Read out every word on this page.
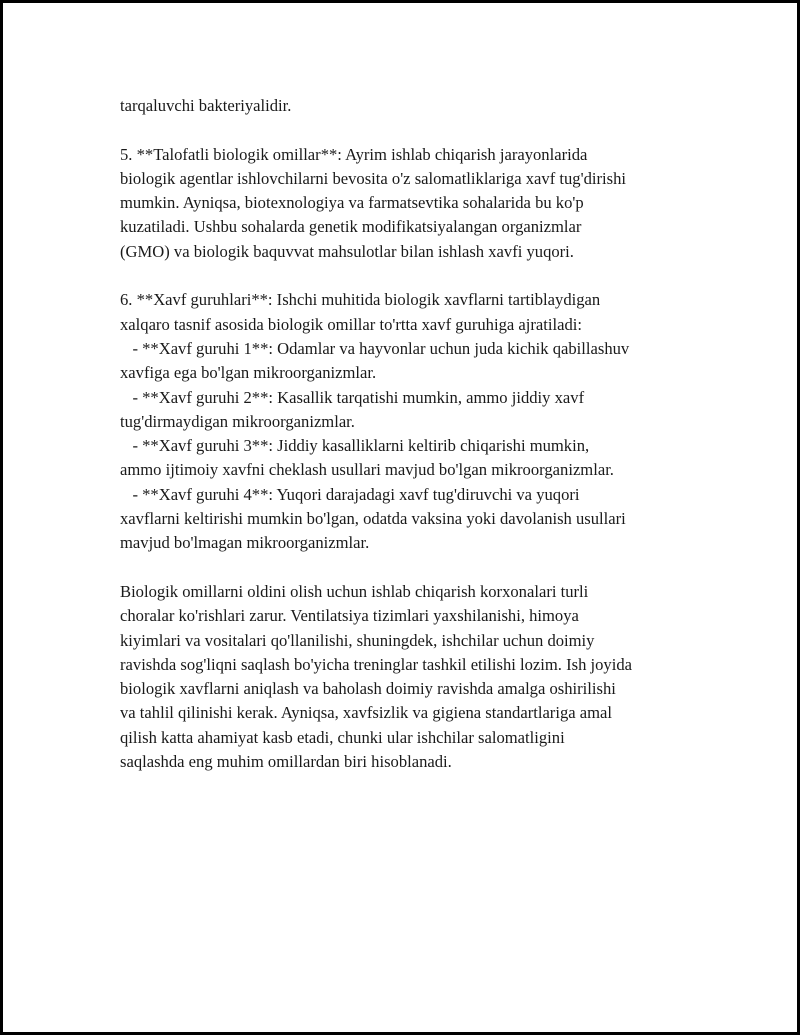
tarqaluvchi bakteriyalidir.
5. **Talofatli biologik omillar**: Ayrim ishlab chiqarish jarayonlarida
biologik agentlar ishlovchilarni bevosita o'z salomatliklariga xavf tug'dirishi
mumkin. Ayniqsa, biotexnologiya va farmatsevtika sohalarida bu ko'p
kuzatiladi. Ushbu sohalarda genetik modifikatsiyalangan organizmlar
(GMO) va biologik baquvvat mahsulotlar bilan ishlash xavfi yuqori.
6. **Xavf guruhlari**: Ishchi muhitida biologik xavflarni tartiblaydigan
xalqaro tasnif asosida biologik omillar to'rtta xavf guruhiga ajratiladi:
- **Xavf guruhi 1**: Odamlar va hayvonlar uchun juda kichik qabillashuv
xavfiga ega bo'lgan mikroorganizmlar.
- **Xavf guruhi 2**: Kasallik tarqatishi mumkin, ammo jiddiy xavf
tug'dirmaydigan mikroorganizmlar.
- **Xavf guruhi 3**: Jiddiy kasalliklarni keltirib chiqarishi mumkin,
ammo ijtimoiy xavfni cheklash usullari mavjud bo'lgan mikroorganizmlar.
- **Xavf guruhi 4**: Yuqori darajadagi xavf tug'diruvchi va yuqori
xavflarni keltirishi mumkin bo'lgan, odatda vaksina yoki davolanish usullari
mavjud bo'lmagan mikroorganizmlar.
Biologik omillarni oldini olish uchun ishlab chiqarish korxonalari turli
choralar ko'rishlari zarur. Ventilatsiya tizimlari yaxshilanishi, himoya
kiyimlari va vositalari qo'llanilishi, shuningdek, ishchilar uchun doimiy
ravishda sog'liqni saqlash bo'yicha treninglar tashkil etilishi lozim. Ish joyida
biologik xavflarni aniqlash va baholash doimiy ravishda amalga oshirilishi
va tahlil qilinishi kerak. Ayniqsa, xavfsizlik va gigiena standartlariga amal
qilish katta ahamiyat kasb etadi, chunki ular ishchilar salomatligini
saqlashda eng muhim omillardan biri hisoblanadi.
